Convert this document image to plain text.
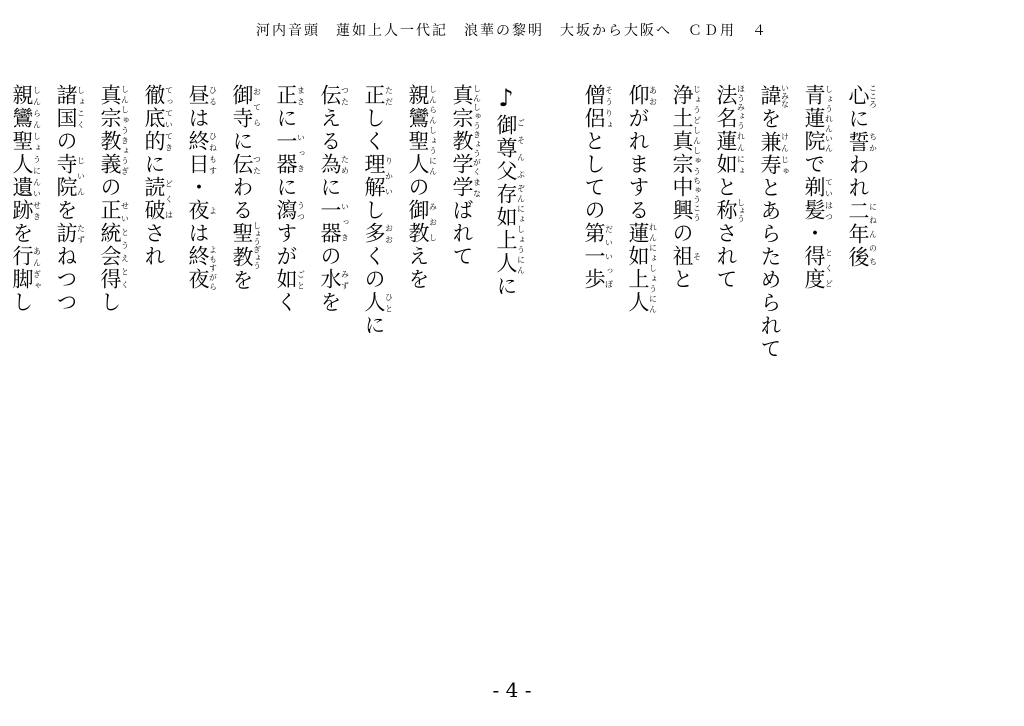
河内音頭　蓮如上人一代記　浪華の黎明　大坂から大阪へ　ＣＤ用　４
心こころに誓ちかわれ二年後にねんのち
青蓮院しょうれんいんで剃髪ていはつ・得度とくど
諱いみなを兼寿けんじゅとあらためられて
法名ほうみょう蓮如れんにょと称しょうされて
浄土真宗じょうどしんしゅう中興ちゅうこうの祖そと
仰あおがれまする蓮如上人れんにょしょうにん
僧侶そうりょとしての第一歩だいいっぽ
♪御尊父ごそんぷ存如上人ぞんにょしょうにんに
真宗教学しんしゅうきょうがく学まなばれて
親鸞聖人しんらんしょうにんの御教みおしえを
正ただしく理解りかいし多おおくの人ひとに
伝つたえる為ために一器いっきの水みずを
正まさに一器いっきに瀉うつすが如ごとく
御寺おてらに伝つたわる聖教しょうぎょうを
昼ひるは終日ひねもす・夜よは終夜よもすがら
徹底的てっていてきに読破どくはされ
真宗教義しんしゅうきょうぎの正統会得せいとうえとくし
諸国しょこくの寺院じいんを訪たずねつつ
親鸞聖人遺跡しんらんしょうにんいせきを行脚あんぎゃし
- 4 -
